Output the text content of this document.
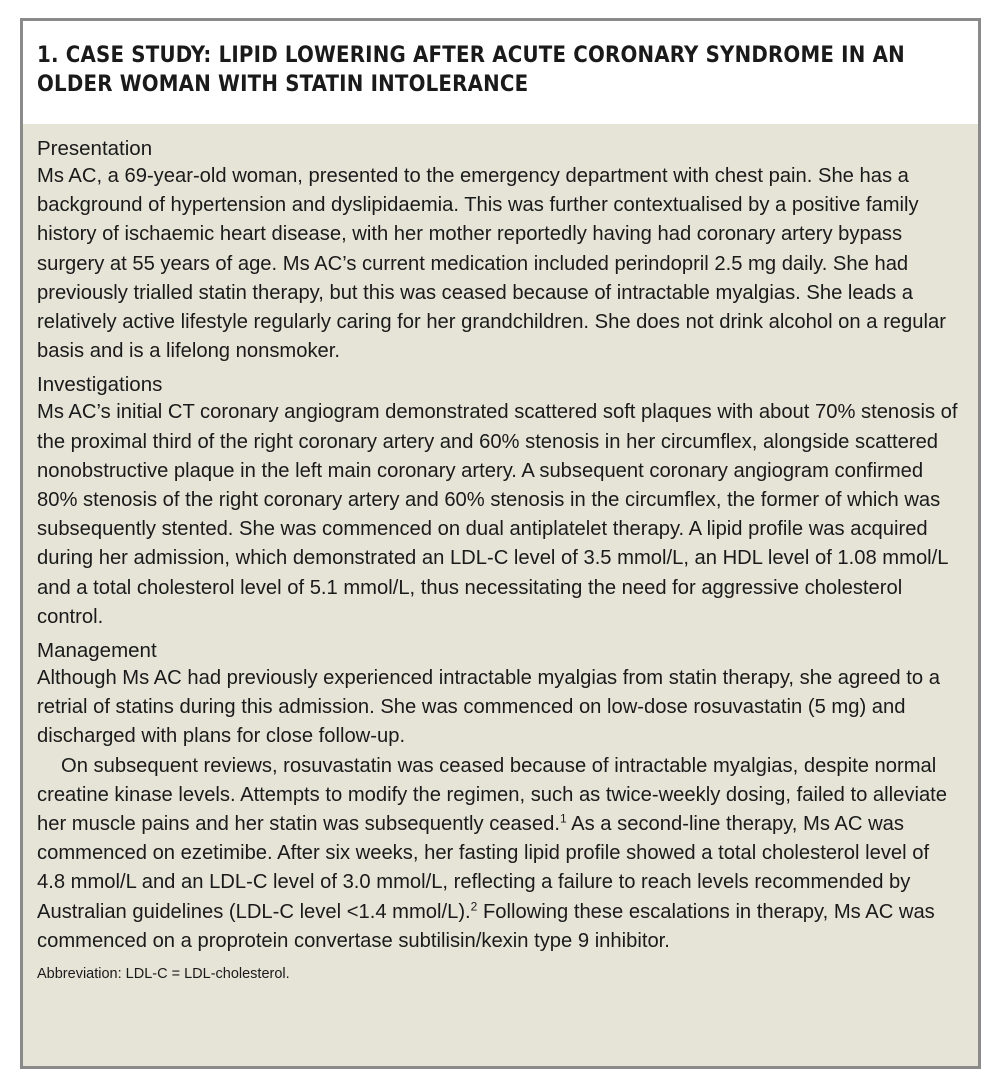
1. CASE STUDY: LIPID LOWERING AFTER ACUTE CORONARY SYNDROME IN AN
OLDER WOMAN WITH STATIN INTOLERANCE
Presentation

Ms AC, a 69-year-old woman, presented to the emergency department with chest pain. She has a background of hypertension and dyslipidaemia. This was further contextualised by a positive family history of ischaemic heart disease, with her mother reportedly having had coronary artery bypass surgery at 55 years of age. Ms AC’s current medication included perindopril 2.5 mg daily. She had previously trialled statin therapy, but this was ceased because of intractable myalgias. She leads a relatively active lifestyle regularly caring for her grandchildren. She does not drink alcohol on a regular basis and is a lifelong nonsmoker.

Investigations

Ms AC’s initial CT coronary angiogram demonstrated scattered soft plaques with about 70% stenosis of the proximal third of the right coronary artery and 60% stenosis in her circumflex, alongside scattered nonobstructive plaque in the left main coronary artery. A subsequent coronary angiogram confirmed 80% stenosis of the right coronary artery and 60% stenosis in the circumflex, the former of which was subsequently stented. She was commenced on dual antiplatelet therapy. A lipid profile was acquired during her admission, which demonstrated an LDL-C level of 3.5 mmol/L, an HDL level of 1.08 mmol/L and a total cholesterol level of 5.1 mmol/L, thus necessitating the need for aggressive cholesterol control.

Management

Although Ms AC had previously experienced intractable myalgias from statin therapy, she agreed to a retrial of statins during this admission. She was commenced on low-dose rosuvastatin (5 mg) and discharged with plans for close follow-up.

On subsequent reviews, rosuvastatin was ceased because of intractable myalgias, despite normal creatine kinase levels. Attempts to modify the regimen, such as twice-weekly dosing, failed to alleviate her muscle pains and her statin was subsequently ceased.$^1$ As a second-line therapy, Ms AC was commenced on ezetimibe. After six weeks, her fasting lipid profile showed a total cholesterol level of 4.8 mmol/L and an LDL-C level of 3.0 mmol/L, reflecting a failure to reach levels recommended by Australian guidelines (LDL-C level <1.4 mmol/L).$^2$ Following these escalations in therapy, Ms AC was commenced on a proprotein convertase subtilisin/kexin type 9 inhibitor.

Abbreviation: LDL-C = LDL-cholesterol.
